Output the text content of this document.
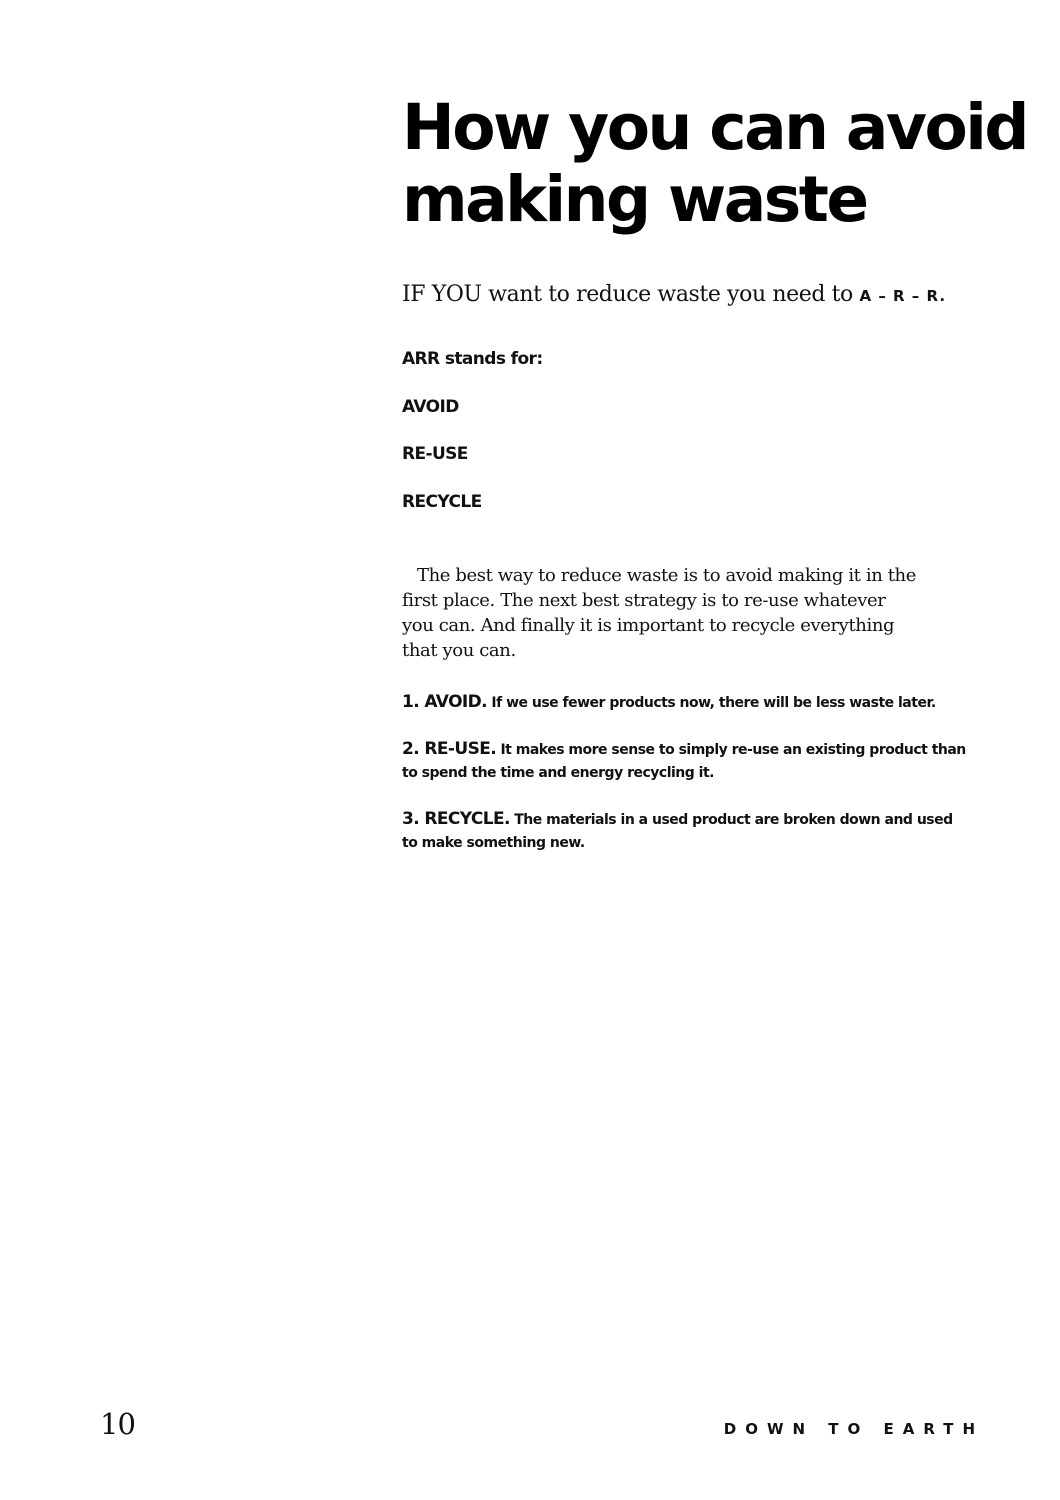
How you can avoid
making waste

IF YOU want to reduce waste you need to A – R – R.

ARR stands for:

AVOID

RE-USE

RECYCLE

The best way to reduce waste is to avoid making it in the first place. The next best strategy is to re-use whatever you can. And finally it is important to recycle everything that you can.

1. AVOID. If we use fewer products now, there will be less waste later.

2. RE-USE. It makes more sense to simply re-use an existing product than to spend the time and energy recycling it.

3. RECYCLE. The materials in a used product are broken down and used to make something new.

10	DOWN TO EARTH
